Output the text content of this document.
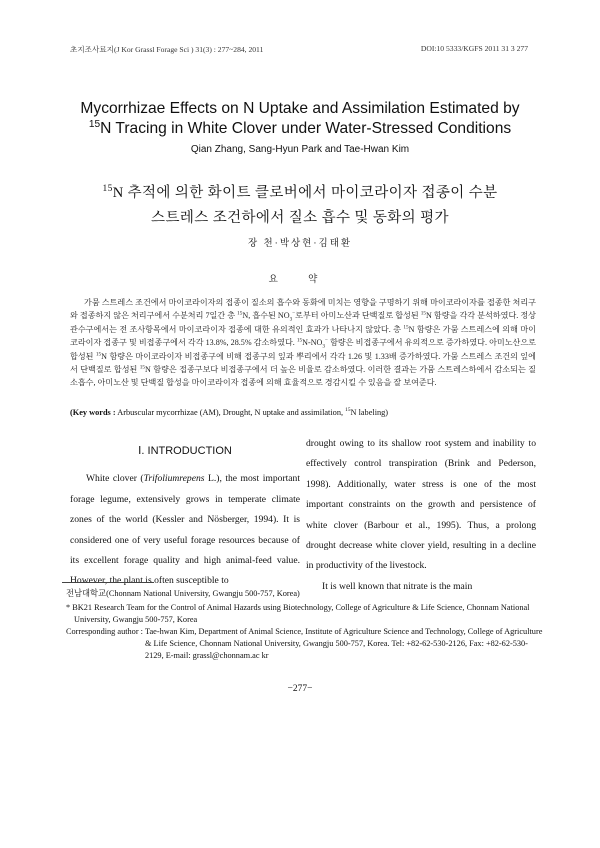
초지조사료지(J Kor Grassl Forage Sci ) 31(3) : 277~284, 2011	DOI:10 5333/KGFS 2011 31 3 277
Mycorrhizae Effects on N Uptake and Assimilation Estimated by
$^{15}$N Tracing in White Clover under Water-Stressed Conditions
Qian Zhang, Sang-Hyun Park and Tae-Hwan Kim
$^{15}$N 추적에 의한 화이트 클로버에서 마이코라이자 접종이 수분
스트레스 조건하에서 질소 흡수 및 동화의 평가
장 천·박상현·김태환
요 약

가뭄 스트레스 조건에서 마이코라이자의 접종이 질소의 흡수와 동화에 미치는 영향을 구명하기 위해 마이코라이자를 접종한 처리구와 접종하지 않은 처리구에서 수분처리 7일간 총 $^{15}$N, 흡수된 $NO_3^-$로부터 아미노산과 단백질로 합성된 $^{15}$N 함량을 각각 분석하였다. 정상 관수구에서는 전 조사항목에서 마이코라이자 접종에 대한 유의적인 효과가 나타나지 않았다. 총 $^{15}$N 함량은 가뭄 스트레스에 의해 마이코라이자 접종구 및 비접종구에서 각각 13.8%, 28.5% 감소하였다. $^{15}N-NO_3^-$ 함량은 비접종구에서 유의적으로 증가하였다. 아미노산으로 합성된 $^{15}$N 함량은 마이코라이자 비접종구에 비해 접종구의 잎과 뿌리에서 각각 1.26 및 1.33배 증가하였다. 가뭄 스트레스 조건의 잎에서 단백질로 합성된 $^{15}$N 함량은 접종구보다 비접종구에서 더 높은 비율로 감소하였다. 이러한 결과는 가뭄 스트레스하에서 감소되는 질소흡수, 아미노산 및 단백질 합성을 마이코라이자 접종에 의해 효율적으로 경감시킬 수 있음을 잘 보여준다.

(Key words : Arbuscular mycorrhizae (AM), Drought, N uptake and assimilation, $^{15}$N labeling)

Ⅰ. INTRODUCTION

White clover (Trifoliumrepens L.), the most important forage legume, extensively grows in temperate climate zones of the world (Kessler and Nösberger, 1994). It is considered one of very useful forage resources because of its excellent forage quality and high animal-feed value. However, the plant is often susceptible to

drought owing to its shallow root system and inability to effectively control transpiration (Brink and Pederson, 1998). Additionally, water stress is one of the most important constraints on the growth and persistence of white clover (Barbour et al., 1995). Thus, a prolong drought decrease white clover yield, resulting in a decline in productivity of the livestock.

It is well known that nitrate is the main

전남대학교(Chonnam National University, Gwangju 500-757, Korea)
* BK21 Research Team for the Control of Animal Hazards using Biotechnology, College of Agriculture & Life Science, Chonnam National University, Gwangju 500-757, Korea
Corresponding author : Tae-hwan Kim, Department of Animal Science, Institute of Agriculture Science and Technology, College of Agriculture & Life Science, Chonnam National University, Gwangju 500-757, Korea. Tel: +82-62-530-2126, Fax: +82-62-530-2129, E-mail: grassl@chonnam.ac kr
−277−
